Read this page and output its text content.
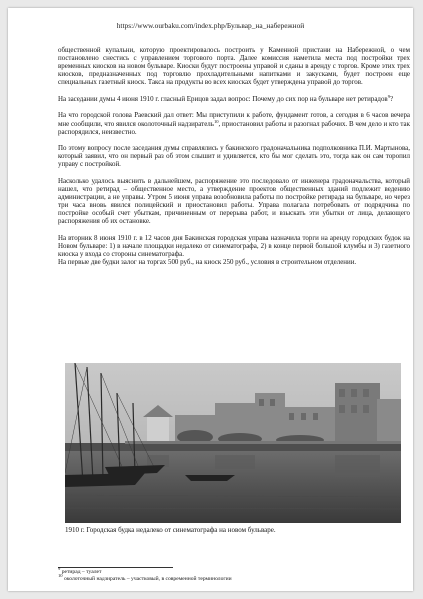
https://www.ourbaku.com/index.php/Бульвар_на_набережной

общественной купальни, которую проектировалось построить у Каменной пристани на Набережной, о чем постановлено снестись с управлением торгового порта. Далее комиссия наметила места под постройки трех временных киосков на новом бульваре. Киоски будут построены управой и сданы в аренду с торгов. Кроме этих трех киосков, предназначенных под торговлю прохладительными напитками и закусками, будет построен еще специальных газетный киоск. Такса на продукты во всех киосках будет утверждена управой до торгов.

На заседании думы 4 июня 1910 г. гласный Ерицов задал вопрос: Почему до сих пор на бульваре нет ретирадов$^9$?

На что городской голова Раевский дал ответ: Мы приступили к работе, фундамент готов, а сегодня в 6 часов вечера мне сообщили, что явился околоточный надзиратель$^{10}$, приостановил работы и разогнал рабочих. В чем дело и кто так распорядился, неизвестно.

По этому вопросу после заседания думы справлялись у бакинского градоначальника подполковника П.И. Мартынова, который заявил, что он первый раз об этом слышит и удивляется, кто бы мог сделать это, тогда как он сам торопил управу с постройкой.

Насколько удалось выяснить в дальнейшем, распоряжение это последовало от инженера градоначальства, который нашел, что ретирад – общественное место, а утверждение проектов общественных зданий подлежит ведению администрации, а не управы. Утром 5 июня управа возобновила работы по постройке ретирада на бульваре, но через три часа вновь явился полицейский и приостановил работы. Управа полагала потребовать от подрядчика по постройке особый счет убыткам, причиненным от перерыва работ, и взыскать эти убытки от лица, делающего распоряжения об их остановке.

На вторник 8 июня 1910 г. в 12 часов дня Бакинская городская управа назначила торги на аренду городских будок на Новом бульваре: 1) в начале площадки недалеко от синематографа, 2) в конце первой большой клумбы и 3) газетного киоска у входа со стороны синематографа.

На первые две будки залог на торгах 500 руб., на киоск 250 руб., условия в строительном отделении.

1910 г. Городская будка недалеко от синематографа на новом бульваре.
$^9$ ретирад – туалет
$^{10}$ околоточный надзиратель – участковый, в современной терминологии
